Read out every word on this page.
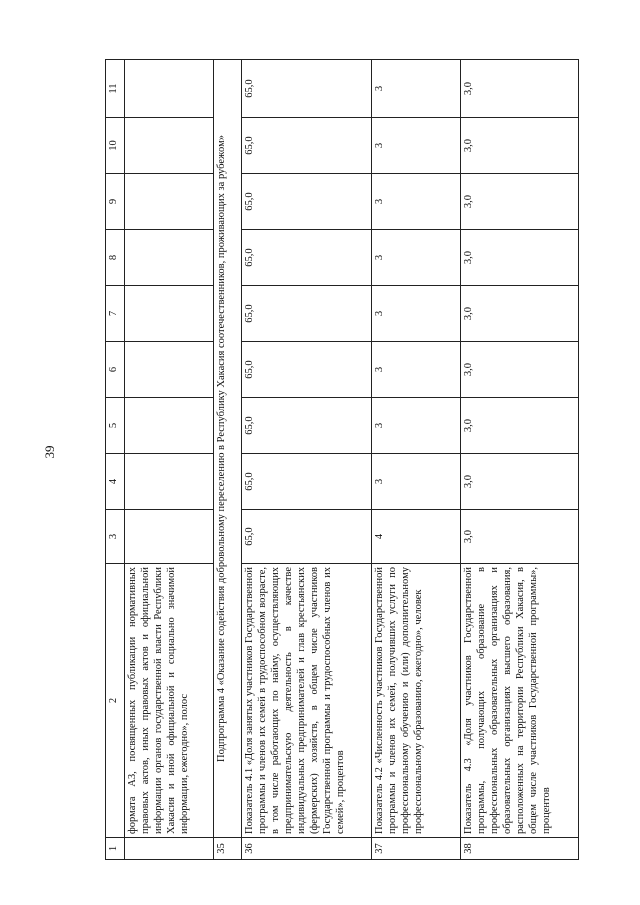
39
1	2	3	4	5	6	7	8	9	10	11
	формата А3, посвященных публикации нормативных правовых актов, иных правовых актов и официальной информации органов государственной власти Республики Хакасия и иной официальной и социально значимой информации, ежегодно», полос									
35	Подпрограмма 4 «Оказание содействия добровольному переселению в Республику Хакасия соотечественников, проживающих за рубежом»									
36	Показатель 4.1 «Доля занятых участников Государственной программы и членов их семей в трудоспособном возрасте, в том числе работающих по найму, осуществляющих предпринимательскую деятельность в качестве индивидуальных предпринимателей и глав крестьянских (фермерских) хозяйств, в общем числе участников Государственной программы и трудоспособных членов их семей», процентов	65,0	65,0	65,0	65,0	65,0	65,0	65,0	65,0	65,0
37	Показатель 4.2 «Численность участников Государственной программы и членов их семей, получивших услуги по профессиональному обучению и (или) дополнительному профессиональному образованию, ежегодно», человек	4	3	3	3	3	3	3	3	3
38	Показатель 4.3 «Доля участников Государственной программы, получающих образование в профессиональных образовательных организациях и образовательных организациях высшего образования, расположенных на территории Республики Хакасия, в общем числе участников Государственной программы», процентов	3,0	3,0	3,0	3,0	3,0	3,0	3,0	3,0	3,0
